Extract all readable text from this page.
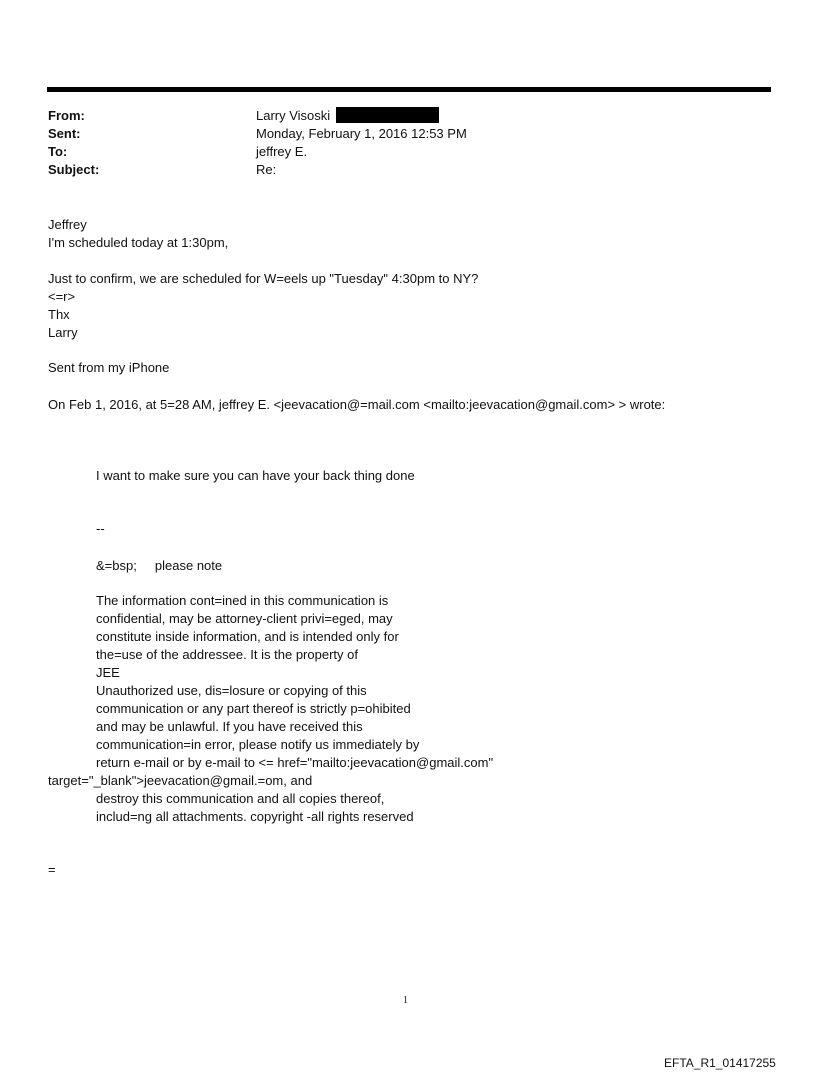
From:	Larry Visoski
Sent:	Monday, February 1, 2016 12:53 PM
To:	jeffrey E.
Subject:	Re:
Jeffrey
I'm scheduled today at 1:30pm,
Just to confirm, we are scheduled for W=eels up "Tuesday" 4:30pm to NY?
<=r>
Thx
Larry
Sent from my iPhone
On Feb 1, 2016, at 5=28 AM, jeffrey E. <jeevacation@=mail.com <mailto:jeevacation@gmail.com> > wrote:
I want to make sure you can have your back thing done
--
&=bsp;     please note
The information cont=ined in this communication is
confidential, may be attorney-client privi=eged, may
constitute inside information, and is intended only for
the=use of the addressee. It is the property of
JEE
Unauthorized use, dis=losure or copying of this
communication or any part thereof is strictly p=ohibited
and may be unlawful. If you have received this
communication=in error, please notify us immediately by
return e-mail or by e-mail to <= href="mailto:jeevacation@gmail.com"
target="_blank">jeevacation@gmail.=om, and
destroy this communication and all copies thereof,
includ=ng all attachments. copyright -all rights reserved
=
1
EFTA_R1_01417255
